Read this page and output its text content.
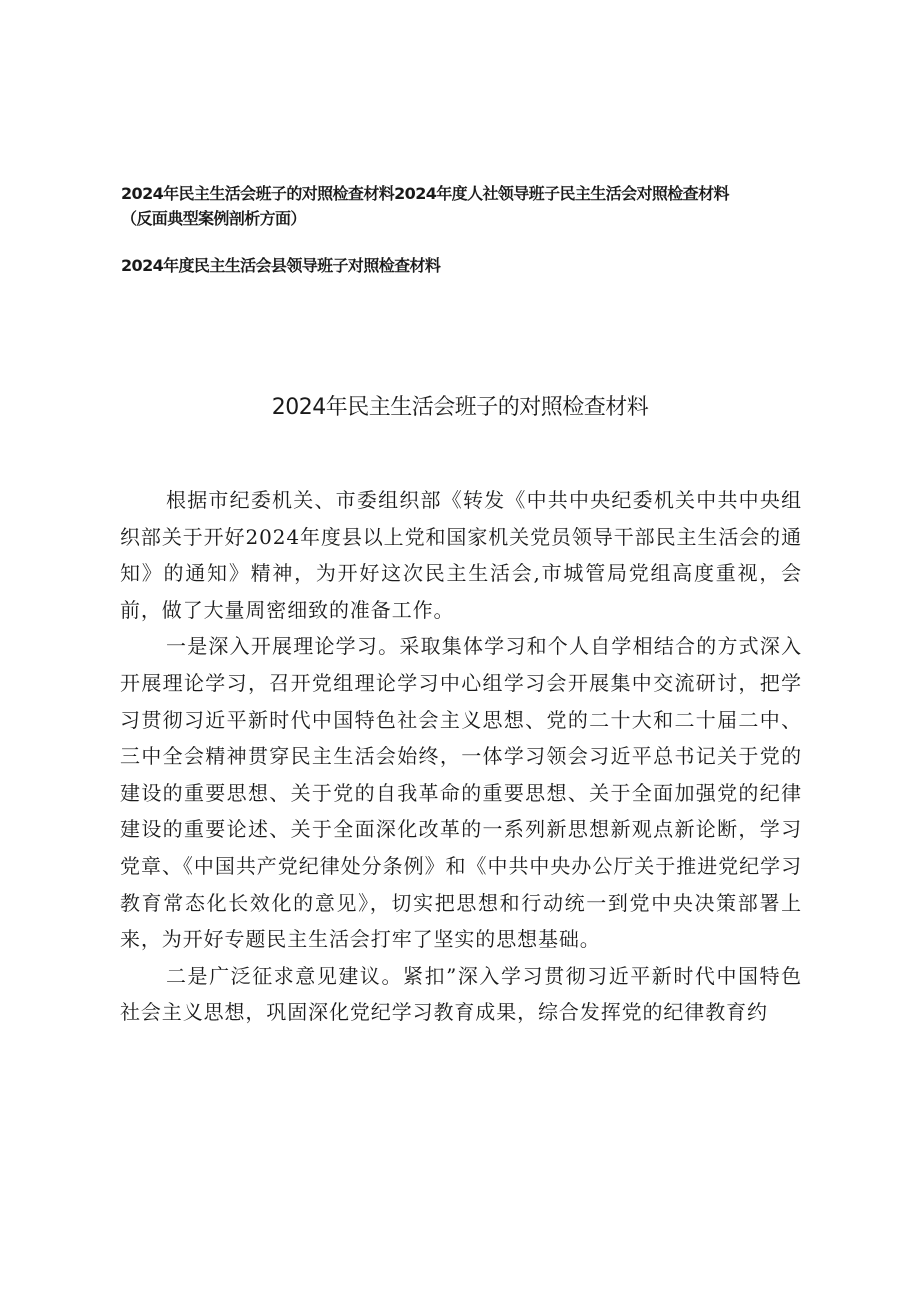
2024年民主生活会班子的对照检查材料2024年度人社领导班子民主生活会对照检查材料
（反面典型案例剖析方面）
2024年度民主生活会县领导班子对照检查材料
2024年民主生活会班子的对照检查材料

根据市纪委机关、市委组织部《转发《中共中央纪委机关中共中央组织部关于开好2024年度县以上党和国家机关党员领导干部民主生活会的通知》的通知》精神，为开好这次民主生活会,市城管局党组高度重视，会前，做了大量周密细致的准备工作。

一是深入开展理论学习。采取集体学习和个人自学相结合的方式深入开展理论学习，召开党组理论学习中心组学习会开展集中交流研讨，把学习贯彻习近平新时代中国特色社会主义思想、党的二十大和二十届二中、三中全会精神贯穿民主生活会始终，一体学习领会习近平总书记关于党的建设的重要思想、关于党的自我革命的重要思想、关于全面加强党的纪律建设的重要论述、关于全面深化改革的一系列新思想新观点新论断，学习党章、《中国共产党纪律处分条例》和《中共中央办公厅关于推进党纪学习教育常态化长效化的意见》，切实把思想和行动统一到党中央决策部署上来，为开好专题民主生活会打牢了坚实的思想基础。

二是广泛征求意见建议。紧扣”深入学习贯彻习近平新时代中国特色社会主义思想，巩固深化党纪学习教育成果，综合发挥党的纪律教育约
